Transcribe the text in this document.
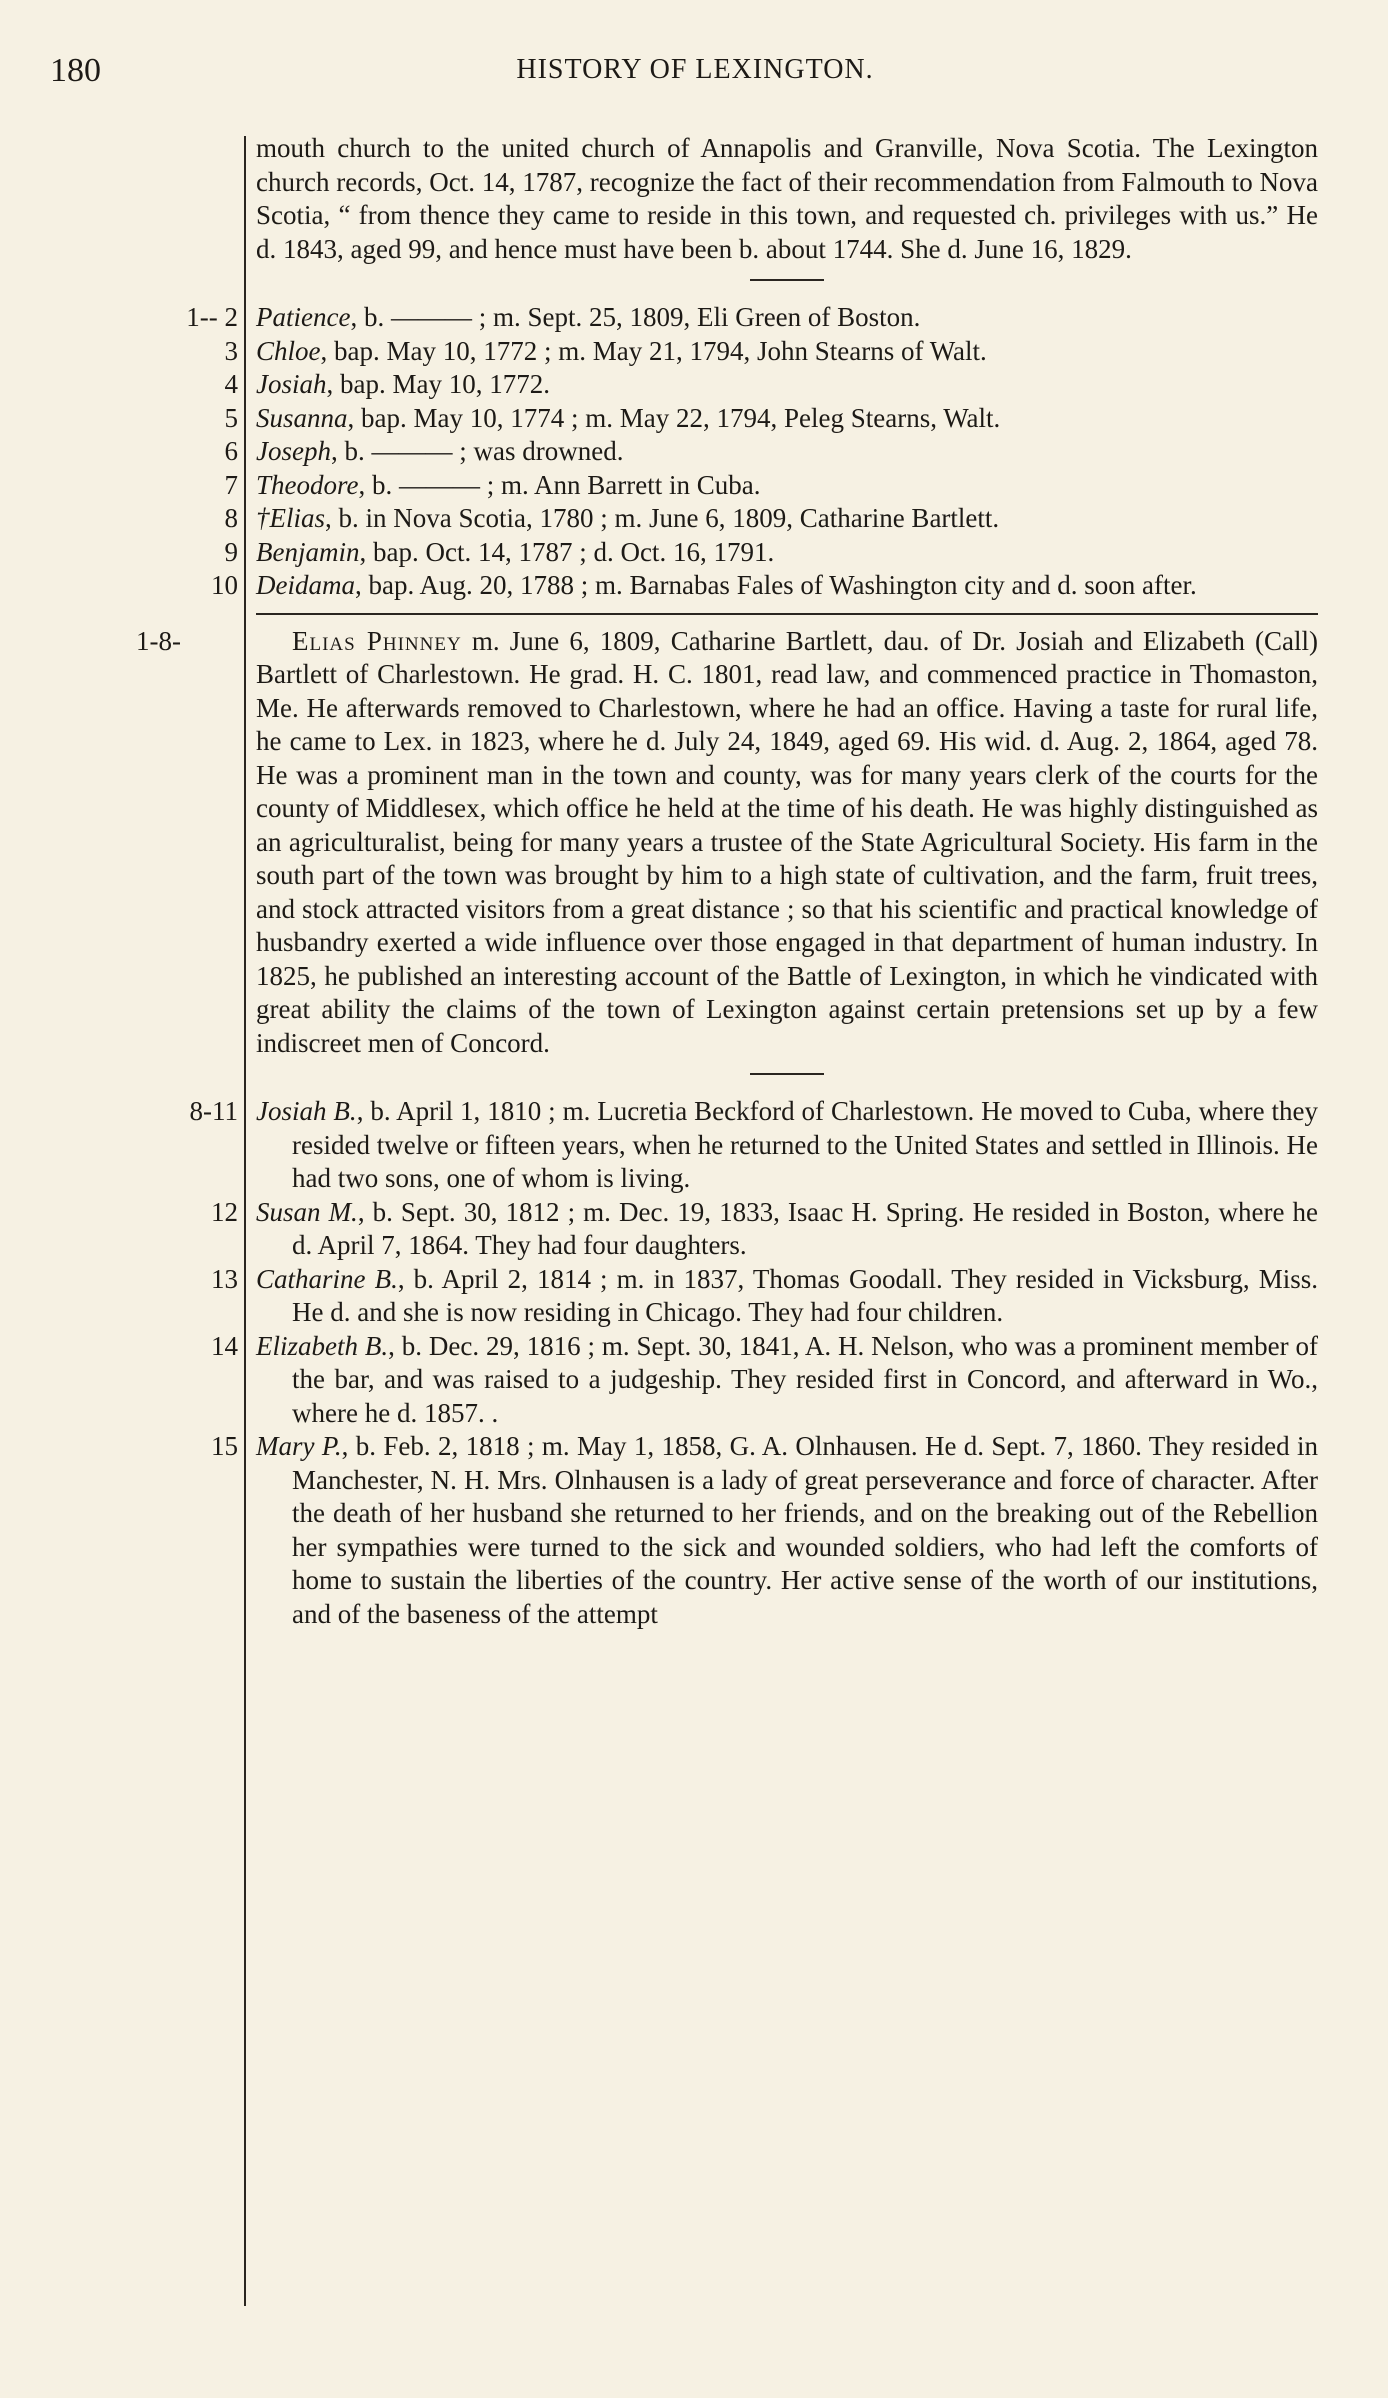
180	HISTORY OF LEXINGTON.

mouth church to the united church of Annapolis and Granville, Nova Scotia. The Lexington church records, Oct. 14, 1787, recognize the fact of their recommendation from Falmouth to Nova Scotia, “ from thence they came to reside in this town, and requested ch. privileges with us.” He d. 1843, aged 99, and hence must have been b. about 1744. She d. June 16, 1829.

1-- 2 Patience, b. ——— ; m. Sept. 25, 1809, Eli Green of Boston.
3 Chloe, bap. May 10, 1772 ; m. May 21, 1794, John Stearns of Walt.
4 Josiah, bap. May 10, 1772.
5 Susanna, bap. May 10, 1774 ; m. May 22, 1794, Peleg Stearns, Walt.
6 Joseph, b. ——— ; was drowned.
7 Theodore, b. ——— ; m. Ann Barrett in Cuba.
8 †Elias, b. in Nova Scotia, 1780 ; m. June 6, 1809, Catharine Bartlett.
9 Benjamin, bap. Oct. 14, 1787 ; d. Oct. 16, 1791.
10 Deidama, bap. Aug. 20, 1788 ; m. Barnabas Fales of Washington city and d. soon after.

1-8-	Elias Phinney m. June 6, 1809, Catharine Bartlett, dau. of Dr. Josiah and Elizabeth (Call) Bartlett of Charlestown. He grad. H. C. 1801, read law, and commenced practice in Thomaston, Me. He afterwards removed to Charlestown, where he had an office. Having a taste for rural life, he came to Lex. in 1823, where he d. July 24, 1849, aged 69. His wid. d. Aug. 2, 1864, aged 78. He was a prominent man in the town and county, was for many years clerk of the courts for the county of Middlesex, which office he held at the time of his death. He was highly distinguished as an agriculturalist, being for many years a trustee of the State Agricultural Society. His farm in the south part of the town was brought by him to a high state of cultivation, and the farm, fruit trees, and stock attracted visitors from a great distance ; so that his scientific and practical knowledge of husbandry exerted a wide influence over those engaged in that department of human industry. In 1825, he published an interesting account of the Battle of Lexington, in which he vindicated with great ability the claims of the town of Lexington against certain pretensions set up by a few indiscreet men of Concord.

8-11 Josiah B., b. April 1, 1810 ; m. Lucretia Beckford of Charlestown. He moved to Cuba, where they resided twelve or fifteen years, when he returned to the United States and settled in Illinois. He had two sons, one of whom is living.
12 Susan M., b. Sept. 30, 1812 ; m. Dec. 19, 1833, Isaac H. Spring. He resided in Boston, where he d. April 7, 1864. They had four daughters.
13 Catharine B., b. April 2, 1814 ; m. in 1837, Thomas Goodall. They resided in Vicksburg, Miss. He d. and she is now residing in Chicago. They had four children.
14 Elizabeth B., b. Dec. 29, 1816 ; m. Sept. 30, 1841, A. H. Nelson, who was a prominent member of the bar, and was raised to a judgeship. They resided first in Concord, and afterward in Wo., where he d. 1857. .
15 Mary P., b. Feb. 2, 1818 ; m. May 1, 1858, G. A. Olnhausen. He d. Sept. 7, 1860. They resided in Manchester, N. H. Mrs. Olnhausen is a lady of great perseverance and force of character. After the death of her husband she returned to her friends, and on the breaking out of the Rebellion her sympathies were turned to the sick and wounded soldiers, who had left the comforts of home to sustain the liberties of the country. Her active sense of the worth of our institutions, and of the baseness of the attempt
